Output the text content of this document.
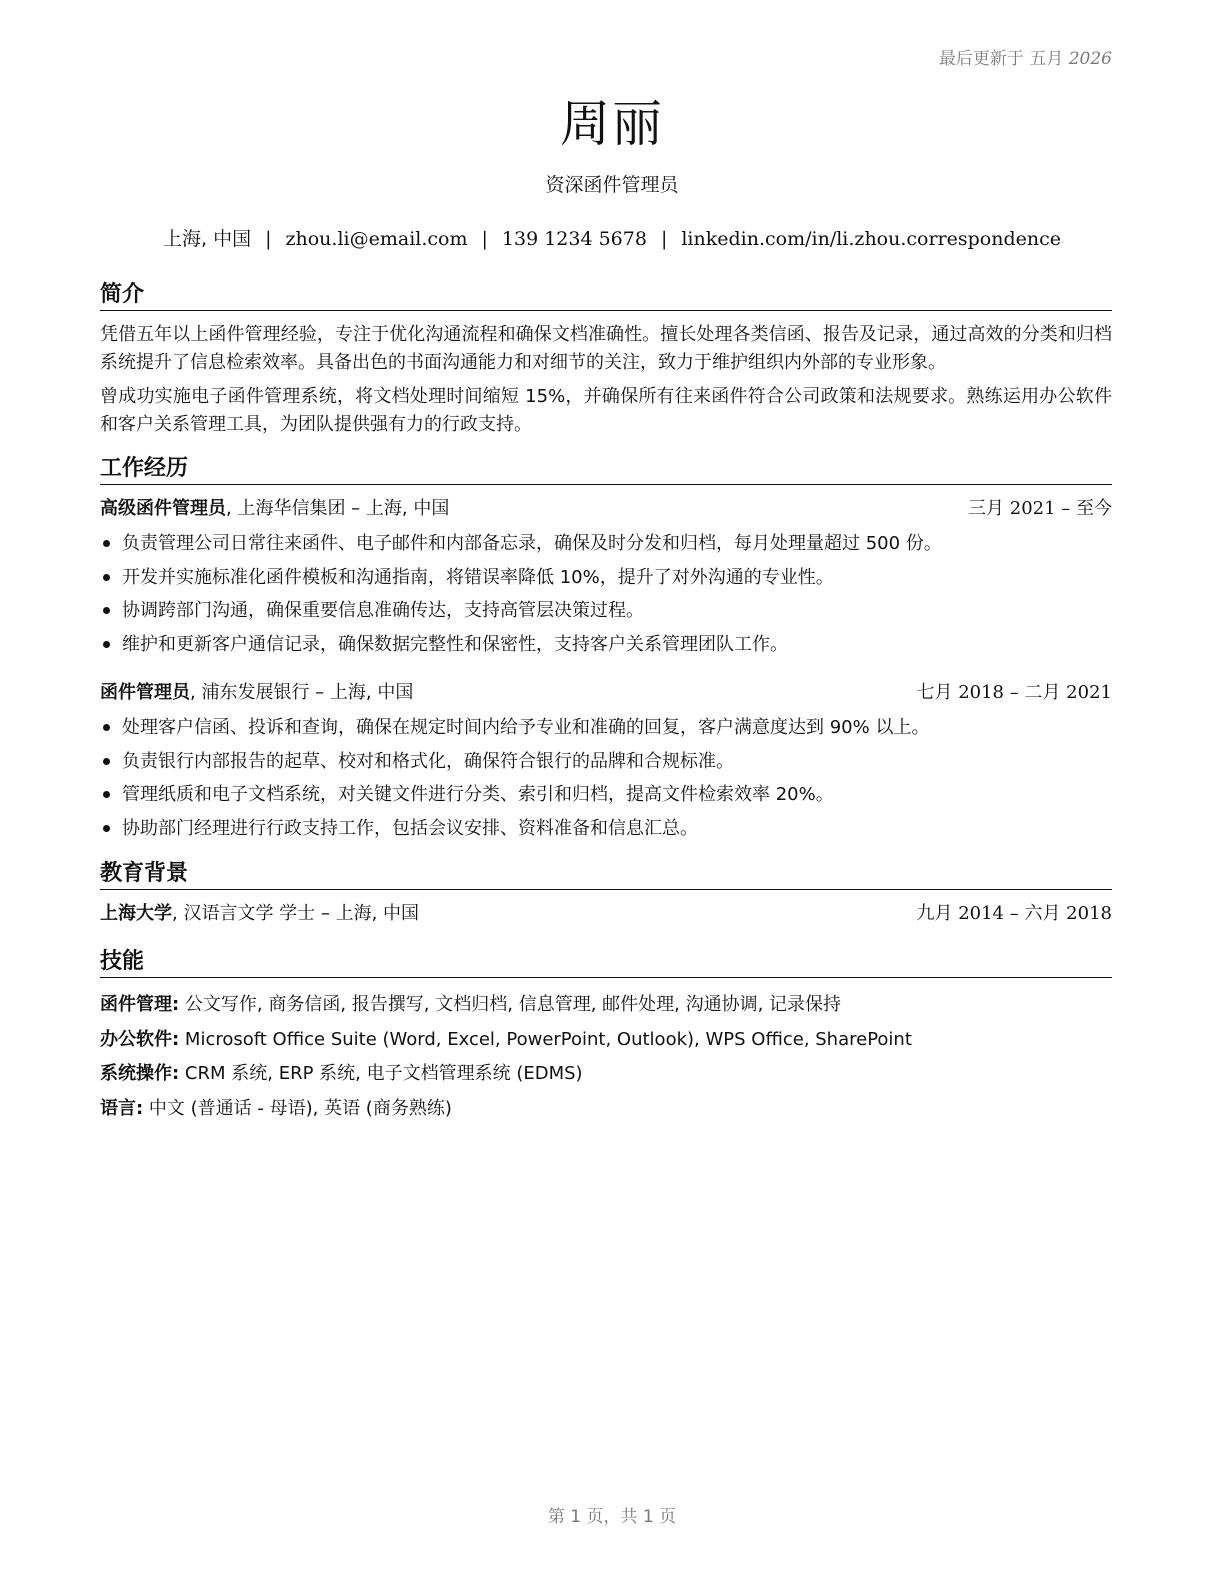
最后更新于 五月 2026
周丽
资深函件管理员
上海, 中国 | zhou.li@email.com | 139 1234 5678 | linkedin.com/in/li.zhou.correspondence
简介

凭借五年以上函件管理经验，专注于优化沟通流程和确保文档准确性。擅长处理各类信函、报告及记录，通过高效的分类和归档系统提升了信息检索效率。具备出色的书面沟通能力和对细节的关注，致力于维护组织内外部的专业形象。

曾成功实施电子函件管理系统，将文档处理时间缩短 15%，并确保所有往来函件符合公司政策和法规要求。熟练运用办公软件和客户关系管理工具，为团队提供强有力的行政支持。

工作经历
高级函件管理员, 上海华信集团 – 上海, 中国	三月 2021 – 至今
负责管理公司日常往来函件、电子邮件和内部备忘录，确保及时分发和归档，每月处理量超过 500 份。
开发并实施标准化函件模板和沟通指南，将错误率降低 10%，提升了对外沟通的专业性。
协调跨部门沟通，确保重要信息准确传达，支持高管层决策过程。
维护和更新客户通信记录，确保数据完整性和保密性，支持客户关系管理团队工作。
函件管理员, 浦东发展银行 – 上海, 中国	七月 2018 – 二月 2021
处理客户信函、投诉和查询，确保在规定时间内给予专业和准确的回复，客户满意度达到 90% 以上。
负责银行内部报告的起草、校对和格式化，确保符合银行的品牌和合规标准。
管理纸质和电子文档系统，对关键文件进行分类、索引和归档，提高文件检索效率 20%。
协助部门经理进行行政支持工作，包括会议安排、资料准备和信息汇总。
教育背景
上海大学, 汉语言文学 学士 – 上海, 中国	九月 2014 – 六月 2018
技能
函件管理: 公文写作, 商务信函, 报告撰写, 文档归档, 信息管理, 邮件处理, 沟通协调, 记录保持
办公软件: Microsoft Office Suite (Word, Excel, PowerPoint, Outlook), WPS Office, SharePoint
系统操作: CRM 系统, ERP 系统, 电子文档管理系统 (EDMS)
语言: 中文 (普通话 - 母语), 英语 (商务熟练)
第 1 页，共 1 页
